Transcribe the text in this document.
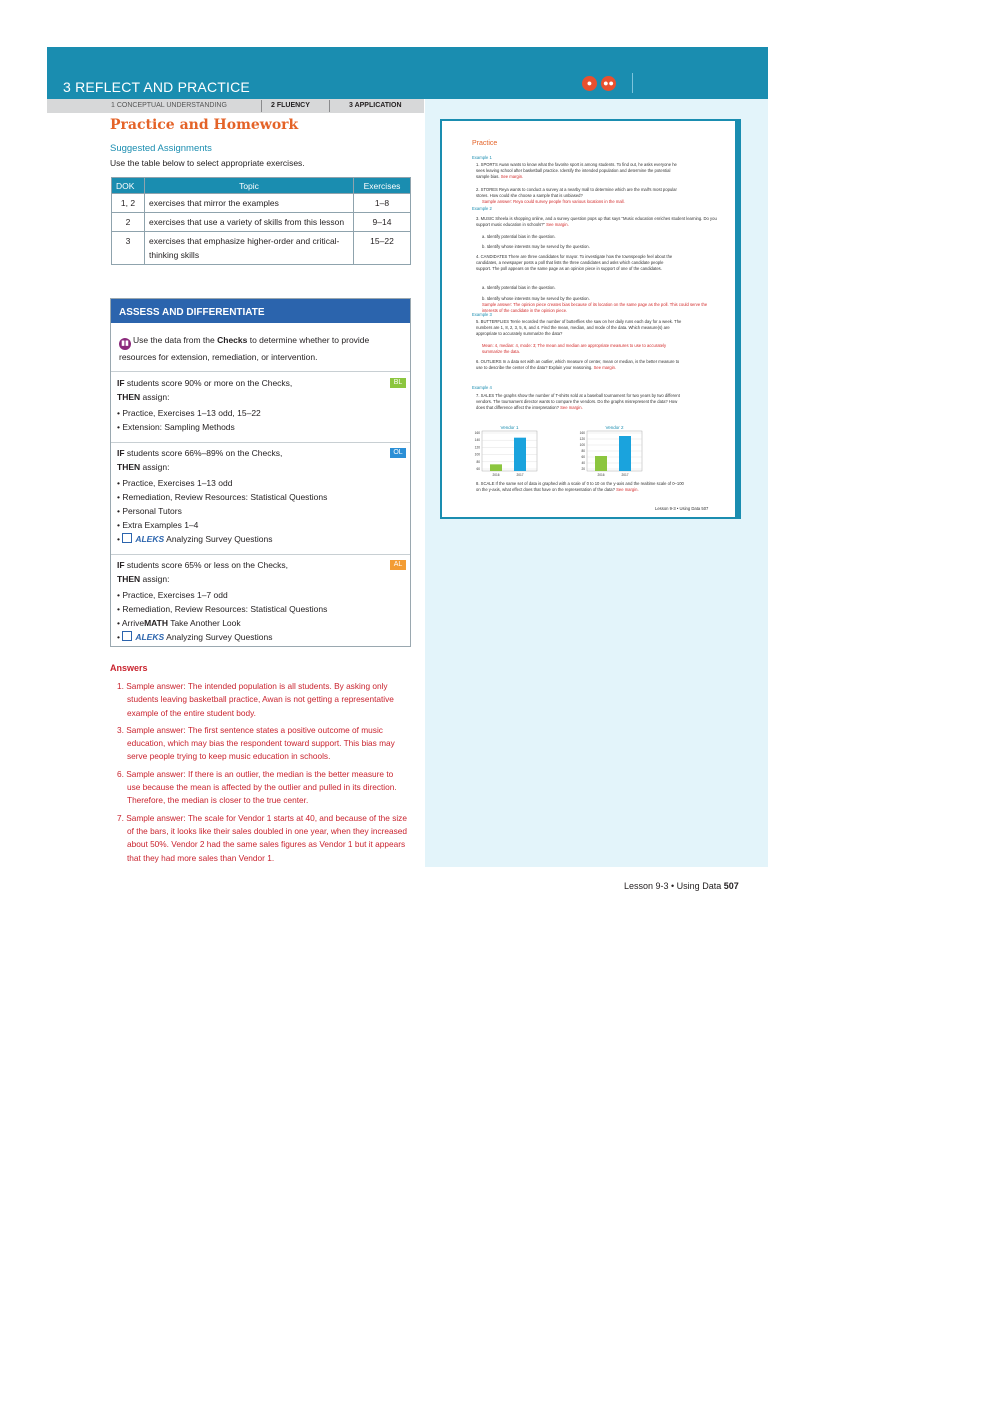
3 REFLECT AND PRACTICE	●	●●
1 CONCEPTUAL UNDERSTANDING	2 FLUENCY	3 APPLICATION
Practice and Homework
Suggested Assignments
Use the table below to select appropriate exercises.
DOK	Topic	Exercises
1, 2	exercises that mirror the examples	1–8
2	exercises that use a variety of skills from this lesson	9–14
3	exercises that emphasize higher-order and critical-thinking skills	15–22
ASSESS AND DIFFERENTIATE
▮▮ Use the data from the Checks to determine whether to provide resources for extension, remediation, or intervention.
IF students score 90% or more on the Checks,
THEN assign:
• Practice, Exercises 1–13 odd, 15–22
• Extension: Sampling Methods
BL
IF students score 66%–89% on the Checks,
THEN assign:
• Practice, Exercises 1–13 odd
• Remediation, Review Resources: Statistical Questions
• Personal Tutors
• Extra Examples 1–4
• ALEKS Analyzing Survey Questions
OL
IF students score 65% or less on the Checks,
THEN assign:
• Practice, Exercises 1–7 odd
• Remediation, Review Resources: Statistical Questions
• ArriveMATH Take Another Look
• ALEKS Analyzing Survey Questions
AL
Answers
1. Sample answer: The intended population is all students. By asking only students leaving basketball practice, Awan is not getting a representative example of the entire student body.
3. Sample answer: The first sentence states a positive outcome of music education, which may bias the respondent toward support. This bias may serve people trying to keep music education in schools.
6. Sample answer: If there is an outlier, the median is the better measure to use because the mean is affected by the outlier and pulled in its direction. Therefore, the median is closer to the true center.
7. Sample answer: The scale for Vendor 1 starts at 40, and because of the size of the bars, it looks like their sales doubled in one year, when they increased about 50%. Vendor 2 had the same sales figures as Vendor 1 but it appears that they had more sales than Vendor 1.
Practice
Example 1
1. SPORTS Awan wants to know what the favorite sport is among students. To find out, he asks everyone he sees leaving school after basketball practice. Identify the intended population and determine the potential sample bias. See margin.
2. STORES Reya wants to conduct a survey at a nearby mall to determine which are the mall's most popular stores. How could she choose a sample that is unbiased?
Sample answer: Reya could survey people from various locations in the mall.
Example 2
3. MUSIC Sheela is shopping online, and a survey question pops up that says "Music education enriches student learning. Do you support music education in schools?" See margin.
a. Identify potential bias in the question.
b. Identify whose interests may be served by the question.
4. CANDIDATES There are three candidates for mayor. To investigate how the townspeople feel about the candidates, a newspaper posts a poll that lists the three candidates and asks which candidate people support. The poll appears on the same page as an opinion piece in support of one of the candidates.
a. Identify potential bias in the question.
b. Identify whose interests may be served by the question.
Sample answer: The opinion piece creates bias because of its location on the same page as the poll. This could serve the interests of the candidate in the opinion piece.
Example 3
5. BUTTERFLIES Terrie recorded the number of butterflies she saw on her daily runs each day for a week. The numbers are 1, 8, 2, 3, 5, 6, and 4. Find the mean, median, and mode of the data. Which measure(s) are appropriate to accurately summarize the data?
Mean: 4, median: 4, mode: 3; The mean and median are appropriate measures to use to accurately summarize the data.
6. OUTLIERS In a data set with an outlier, which measure of center, mean or median, is the better measure to use to describe the center of the data? Explain your reasoning. See margin.
Example 4
7. SALES The graphs show the number of T-shirts sold at a baseball tournament for two years by two different vendors. The tournament director wants to compare the vendors. Do the graphs misrepresent the data? How does that difference affect the interpretation? See margin.
Vendor 1
160
140
120
100
80
60
2016	2017
Vendor 2
160
120
100
80
60
40
20
2016	2017
8. SCALE If the same set of data is graphed with a scale of 0 to 10 on the y-axis and the realtime scale of 0–100 on the y-axis, what effect does that have on the representation of the data? See margin.
Lesson 9-3 • Using Data 507
Lesson 9-3 • Using Data 507
